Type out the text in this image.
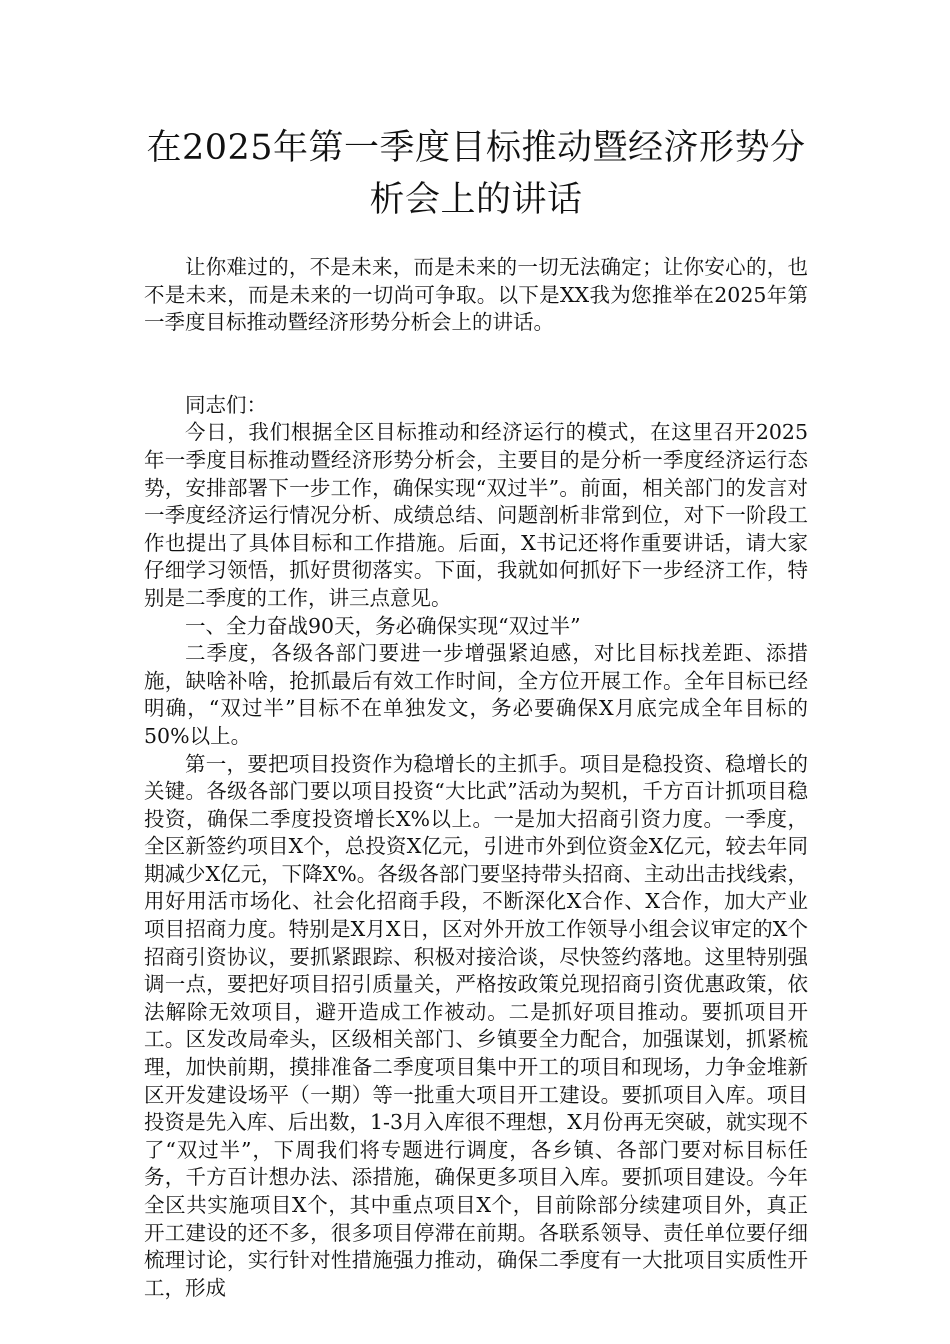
在2025年第一季度目标推动暨经济形势分析会上的讲话

让你难过的，不是未来，而是未来的一切无法确定；让你安心的，也不是未来，而是未来的一切尚可争取。以下是XX我为您推举在2025年第一季度目标推动暨经济形势分析会上的讲话。

同志们：

今日，我们根据全区目标推动和经济运行的模式，在这里召开2025年一季度目标推动暨经济形势分析会，主要目的是分析一季度经济运行态势，安排部署下一步工作，确保实现“双过半”。前面，相关部门的发言对一季度经济运行情况分析、成绩总结、问题剖析非常到位，对下一阶段工作也提出了具体目标和工作措施。后面，X书记还将作重要讲话，请大家仔细学习领悟，抓好贯彻落实。下面，我就如何抓好下一步经济工作，特别是二季度的工作，讲三点意见。

一、全力奋战90天，务必确保实现“双过半”

二季度，各级各部门要进一步增强紧迫感，对比目标找差距、添措施，缺啥补啥，抢抓最后有效工作时间，全方位开展工作。全年目标已经明确，“双过半”目标不在单独发文，务必要确保X月底完成全年目标的50%以上。

第一，要把项目投资作为稳增长的主抓手。项目是稳投资、稳增长的关键。各级各部门要以项目投资“大比武”活动为契机，千方百计抓项目稳投资，确保二季度投资增长X%以上。一是加大招商引资力度。一季度，全区新签约项目X个，总投资X亿元，引进市外到位资金X亿元，较去年同期减少X亿元，下降X%。各级各部门要坚持带头招商、主动出击找线索，用好用活市场化、社会化招商手段，不断深化X合作、X合作，加大产业项目招商力度。特别是X月X日，区对外开放工作领导小组会议审定的X个招商引资协议，要抓紧跟踪、积极对接洽谈，尽快签约落地。这里特别强调一点，要把好项目招引质量关，严格按政策兑现招商引资优惠政策，依法解除无效项目，避开造成工作被动。二是抓好项目推动。要抓项目开工。区发改局牵头，区级相关部门、乡镇要全力配合，加强谋划，抓紧梳理，加快前期，摸排准备二季度项目集中开工的项目和现场，力争金堆新区开发建设场平（一期）等一批重大项目开工建设。要抓项目入库。项目投资是先入库、后出数，1-3月入库很不理想，X月份再无突破，就实现不了“双过半”，下周我们将专题进行调度，各乡镇、各部门要对标目标任务，千方百计想办法、添措施，确保更多项目入库。要抓项目建设。今年全区共实施项目X个，其中重点项目X个，目前除部分续建项目外，真正开工建设的还不多，很多项目停滞在前期。各联系领导、责任单位要仔细梳理讨论，实行针对性措施强力推动，确保二季度有一大批项目实质性开工，形成
